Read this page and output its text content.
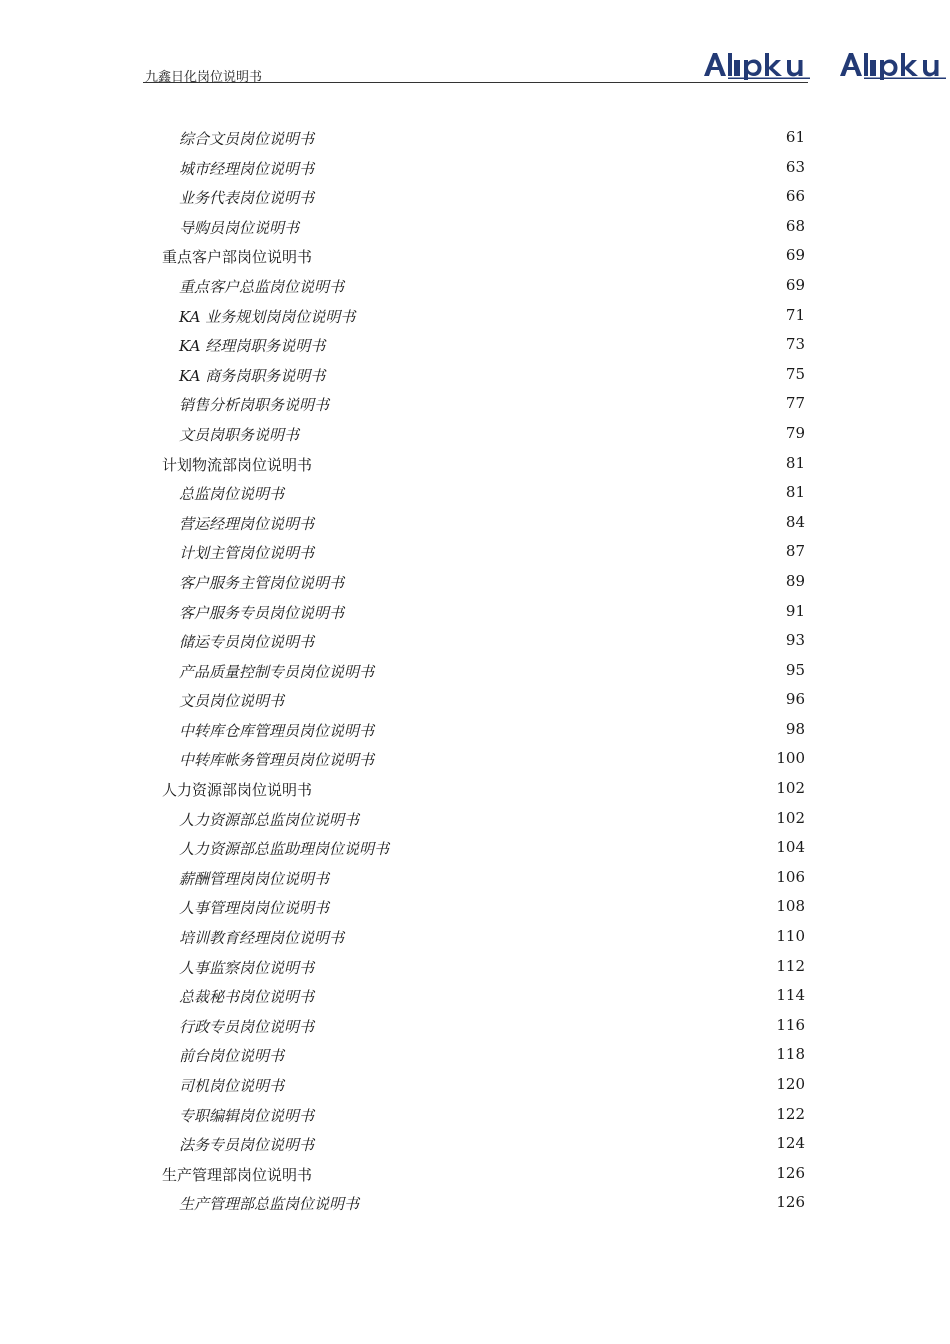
九鑫日化岗位说明书
综合文员岗位说明书	61
城市经理岗位说明书	63
业务代表岗位说明书	66
导购员岗位说明书	68
重点客户部岗位说明书	69
重点客户总监岗位说明书	69
KA 业务规划岗岗位说明书	71
KA 经理岗职务说明书	73
KA 商务岗职务说明书	75
销售分析岗职务说明书	77
文员岗职务说明书	79
计划物流部岗位说明书	81
总监岗位说明书	81
营运经理岗位说明书	84
计划主管岗位说明书	87
客户服务主管岗位说明书	89
客户服务专员岗位说明书	91
储运专员岗位说明书	93
产品质量控制专员岗位说明书	95
文员岗位说明书	96
中转库仓库管理员岗位说明书	98
中转库帐务管理员岗位说明书	100
人力资源部岗位说明书	102
人力资源部总监岗位说明书	102
人力资源部总监助理岗位说明书	104
薪酬管理岗岗位说明书	106
人事管理岗岗位说明书	108
培训教育经理岗位说明书	110
人事监察岗位说明书	112
总裁秘书岗位说明书	114
行政专员岗位说明书	116
前台岗位说明书	118
司机岗位说明书	120
专职编辑岗位说明书	122
法务专员岗位说明书	124
生产管理部岗位说明书	126
生产管理部总监岗位说明书	126
